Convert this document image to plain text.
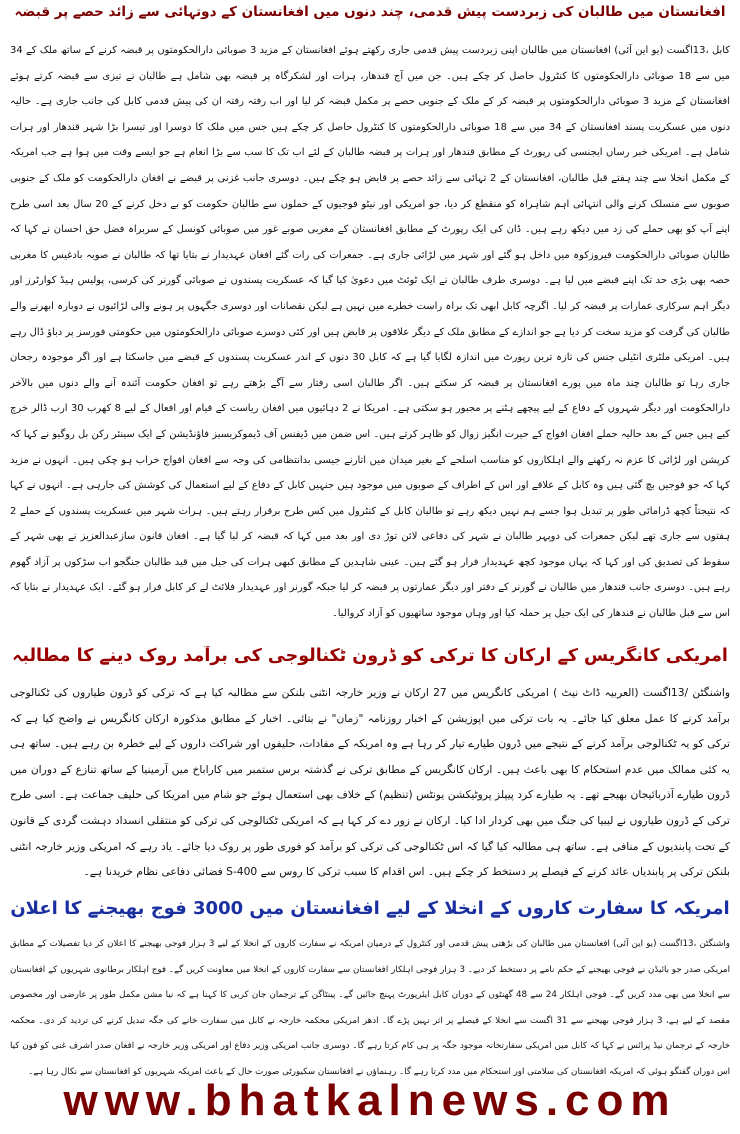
افغانستان میں طالبان کی زبردست پیش قدمی، چند دنوں میں افغانستان کے دوتہائی سے زائد حصے پر قبضہ

کابل ،13اگست (یو این آئی) افغانستان میں طالبان اپنی زبردست پیش قدمی جاری رکھتے ہوئے افغانستان کے مزید 3 صوبائی دارالحکومتوں پر قبضہ کرنے کے ساتھ ملک کے 34 میں سے 18 صوبائی دارالحکومتوں کا کنٹرول حاصل کر چکے ہیں۔ جن میں آج قندھار، ہرات اور لشکرگاہ پر قبضہ بھی شامل ہے طالبان نے تیزی سے قبضہ کرتے ہوئے افغانستان کے مزید 3 صوبائی دارالحکومتوں پر قبضہ کر کے ملک کے جنوبی حصے پر مکمل قبضہ کر لیا اور اب رفتہ رفتہ ان کی پیش قدمی کابل کی جانب جاری ہے۔ حالیہ دنوں میں عسکریت پسند افغانستان کے 34 میں سے 18 صوبائی دارالحکومتوں کا کنٹرول حاصل کر چکے ہیں جس میں ملک کا دوسرا اور تیسرا بڑا شہر قندھار اور ہرات شامل ہے۔ امریکی خبر رساں ایجنسی کی رپورٹ کے مطابق قندھار اور ہرات پر قبضہ طالبان کے لئے اب تک کا سب سے بڑا انعام ہے جو ایسے وقت میں ہوا ہے جب امریکہ کے مکمل انخلا سے چند ہفتے قبل طالبان، افغانستان کے 2 تہائی سے زائد حصے پر قابض ہو چکے ہیں۔ دوسری جانب غزنی پر قبضے نے افغان دارالحکومت کو ملک کے جنوبی صوبوں سے منسلک کرنے والی انتہائی اہم شاہراہ کو منقطع کر دیا، جو امریکی اور نیٹو فوجیوں کے حملوں سے طالبان حکومت کو بے دخل کرنے کے 20 سال بعد اسی طرح اپنے آپ کو بھی حملے کی زد میں دیکھ رہے ہیں۔ ڈان کی ایک رپورٹ کے مطابق افغانستان کے مغربی صوبے غور میں صوبائی کونسل کے سربراہ فضل حق احسان نے کہا کہ طالبان صوبائی دارالحکومت فیروزکوہ میں داخل ہو گئے اور شہر میں لڑائی جاری ہے۔ جمعرات کی رات گئے افغان عہدیدار نے بتایا تھا کہ طالبان نے صوبہ بادغیس کا مغربی حصہ بھی بڑی حد تک اپنے قبضے میں لیا ہے۔ دوسری طرف طالبان نے ایک ٹوئٹ میں دعویٰ کیا گیا کہ عسکریت پسندوں نے صوبائی گورنر کی کرسی، پولیس ہیڈ کوارٹرز اور دیگر اہم سرکاری عمارات پر قبضہ کر لیا۔ اگرچہ کابل ابھی تک براہ راست خطرے میں نہیں ہے لیکن نقصانات اور دوسری جگہوں پر ہونے والی لڑائیوں نے دوبارہ ابھرنے والے طالبان کی گرفت کو مزید سخت کر دیا ہے جو اندازے کے مطابق ملک کے دیگر علاقوں پر قابض ہیں اور کئی دوسرے صوبائی دارالحکومتوں میں حکومتی فورسز پر دباؤ ڈال رہے ہیں۔ امریکی ملٹری انٹیلی جنس کی تازہ ترین رپورٹ میں اندازہ لگایا گیا ہے کہ کابل 30 دنوں کے اندر عسکریت پسندوں کے قبضے میں جاسکتا ہے اور اگر موجودہ رجحان جاری رہا تو طالبان چند ماہ میں پورے افغانستان پر قبضہ کر سکتے ہیں۔ اگر طالبان اسی رفتار سے آگے بڑھتے رہے تو افغان حکومت آئندہ آنے والے دنوں میں بالآخر دارالحکومت اور دیگر شہروں کے دفاع کے لیے پیچھے ہٹنے پر مجبور ہو سکتی ہے۔ امریکا نے 2 دہائیوں میں افغان ریاست کے قیام اور افعال کے لیے 8 کھرب 30 ارب ڈالر خرچ کیے ہیں جس کے بعد حالیہ حملے افغان افواج کے حیرت انگیز زوال کو ظاہر کرتے ہیں۔ اس ضمن میں ڈیفنس آف ڈیموکریسیز فاؤنڈیشن کے ایک سینئر رکن بل روگیو نے کہا کہ کرپشن اور لڑائی کا عزم نہ رکھنے والے اہلکاروں کو مناسب اسلحے کے بغیر میدان میں اتارنے جیسی بدانتظامی کی وجہ سے افغان افواج خراب ہو چکی ہیں۔ انہوں نے مزید کہا کہ جو فوجیں بچ گئی ہیں وہ کابل کے علاقے اور اس کے اطراف کے صوبوں میں موجود ہیں جنہیں کابل کے دفاع کے لیے استعمال کی کوشش کی جارہی ہے۔ انہوں نے کہا کہ نتیجتاً کچھ ڈرامائی طور پر تبدیل ہوا جسے ہم نہیں دیکھ رہے تو طالبان کابل کے کنٹرول میں کس طرح برقرار رہتے ہیں۔ ہرات شہر میں عسکریت پسندوں کے حملے 2 ہفتوں سے جاری تھے لیکن جمعرات کی دوپہر طالبان نے شہر کی دفاعی لائن توڑ دی اور بعد میں کہا کہ قبضہ کر لیا گیا ہے۔ افغان قانون سازعبدالعزیز نے بھی شہر کے سقوط کی تصدیق کی اور کہا کہ یہاں موجود کچھ عہدیدار فرار ہو گئے ہیں۔ عینی شاہدین کے مطابق کبھی ہرات کی جیل میں قید طالبان جنگجو اب سڑکوں پر آزاد گھوم رہے ہیں۔ دوسری جانب قندھار میں طالبان نے گورنر کے دفتر اور دیگر عمارتوں پر قبضہ کر لیا جبکہ گورنر اور عہدیدار فلائٹ لے کر کابل فرار ہو گئے۔ ایک عہدیدار نے بتایا کہ اس سے قبل طالبان نے قندھار کی ایک جیل پر حملہ کیا اور وہاں موجود ساتھیوں کو آزاد کروالیا۔

امریکی کانگریس کے ارکان کا ترکی کو ڈرون ٹکنالوجی کی برآمد روک دینے کا مطالبہ

واشنگٹن /13اگست (العربیہ ڈاٹ نیٹ ) امریکی کانگریس میں 27 ارکان نے وزیر خارجہ انٹنی بلنکن سے مطالبہ کیا ہے کہ ترکی کو ڈرون طیاروں کی ٹکنالوجی برآمد کرنے کا عمل معلق کیا جائے۔ یہ بات ترکی میں اپوزیشن کے اخبار روزنامہ "زمان" نے بتائی۔ اخبار کے مطابق مذکورہ ارکان کانگریس نے واضح کیا ہے کہ ترکی کو یہ ٹکنالوجی برآمد کرنے کے نتیجے میں ڈرون طیارے تیار کر رہا ہے وہ امریکہ کے مفادات، حلیفوں اور شراکت داروں کے لیے خطرہ بن رہے ہیں۔ ساتھ ہی یہ کئی ممالک میں عدم استحکام کا بھی باعث ہیں۔ ارکان کانگریس کے مطابق ترکی نے گذشتہ برس ستمبر میں کاراباخ میں آرمینیا کے ساتھ تنازع کے دوران میں ڈرون طیارے آذربائیجان بھیجے تھے۔ یہ طیارے کرد پیپلز پروٹیکشن یونٹس (تنظیم) کے خلاف بھی استعمال ہوئے جو شام میں امریکا کی حلیف جماعت ہے۔ اسی طرح ترکی کے ڈرون طیاروں نے لیبیا کی جنگ میں بھی کردار ادا کیا۔ ارکان نے زور دے کر کہا ہے کہ امریکی ٹکنالوجی کی ترکی کو منتقلی انسداد دہشت گردی کے قانون کے تحت پابندیوں کے منافی ہے۔ ساتھ ہی مطالبہ کیا گیا کہ اس ٹکنالوجی کی ترکی کو برآمد کو فوری طور پر روک دیا جائے۔ یاد رہے کہ امریکی وزیر خارجہ انٹنی بلنکن ترکی پر پابندیاں عائد کرنے کے فیصلے پر دستخط کر چکے ہیں۔ اس اقدام کا سبب ترکی کا روس سے S-400 فضائی دفاعی نظام خریدنا ہے۔

امریکہ کا سفارت کاروں کے انخلا کے لیے افغانستان میں 3000 فوج بھیجنے کا اعلان

واشنگٹن ،13اگست (یو این آئی) افغانستان میں طالبان کی بڑھتی پیش قدمی اور کنٹرول کے درمیان امریکہ نے سفارت کاروں کے انخلا کے لیے 3 ہزار فوجی بھیجنے کا اعلان کر دیا تفصیلات کے مطابق امریکی صدر جو بائیڈن نے فوجی بھیجنے کے حکم نامے پر دستخط کر دیے۔ 3 ہزار فوجی اہلکار افغانستان سے سفارت کاروں کے انخلا میں معاونت کریں گے۔ فوج اہلکار برطانوی شہریوں کے افغانستان سے انخلا میں بھی مدد کریں گے۔ فوجی اہلکار 24 سے 48 گھنٹوں کے دوران کابل ایئرپورٹ پہنچ جائیں گے۔ پینٹاگن کے ترجمان جان کربی کا کہنا ہے کہ نیا مشن مکمل طور پر عارضی اور مخصوص مقصد کے لیے ہے، 3 ہزار فوجی بھیجنے سے 31 اگست سے انخلا کے فیصلے پر اثر نہیں پڑے گا۔ ادھر امریکی محکمہ خارجہ نے کابل میں سفارت خانے کی جگہ تبدیل کرنے کی تردید کر دی۔ محکمہ خارجہ کے ترجمان نیڈ پرائس نے کہا کہ کابل میں امریکی سفارتخانہ موجود جگہ پر ہی کام کرتا رہے گا۔ دوسری جانب امریکی وزیر دفاع اور امریکی وزیر خارجہ نے افغان صدر اشرف غنی کو فون کیا اس دوران گفتگو ہوئی کہ امریکہ افغانستان کی سلامتی اور استحکام میں مدد کرتا رہے گا۔ رہنماؤں نے افغانستان سکیورٹی صورت حال کے باعث امریکہ شہریوں کو افغانستان سے نکال رہا ہے۔

www.bhatkalnews.com
